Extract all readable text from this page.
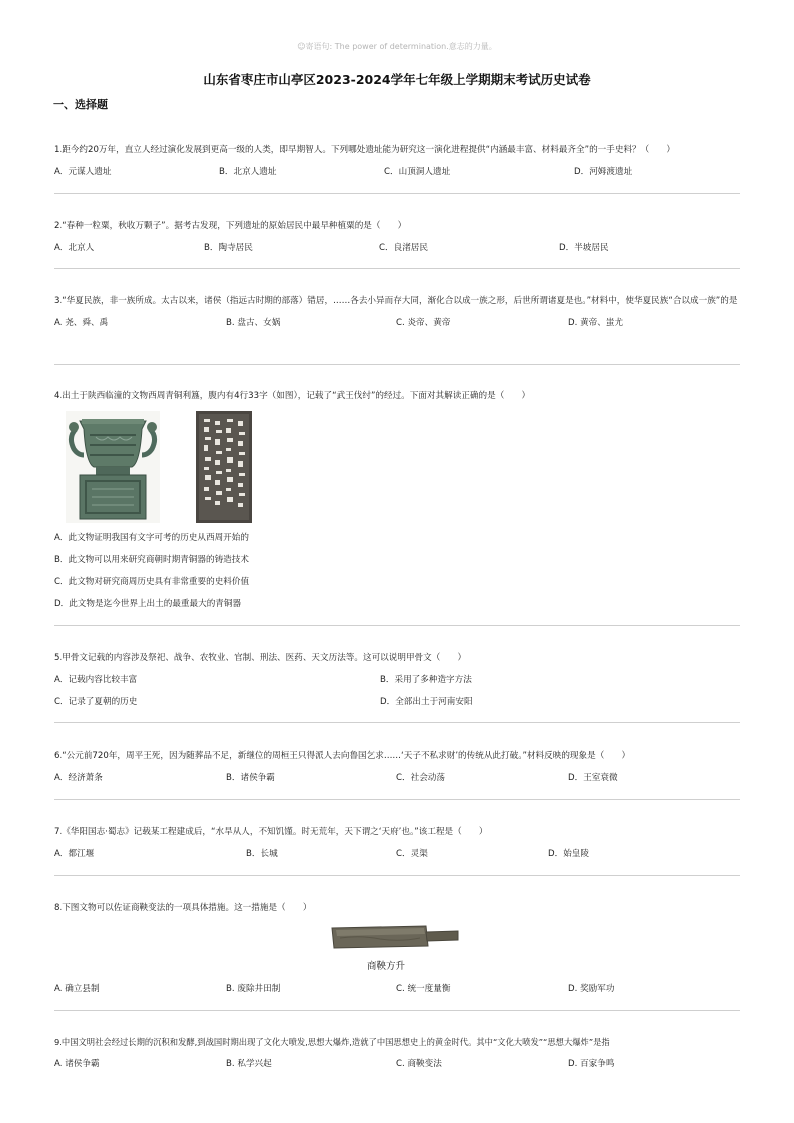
☺寄语句: The power of determination.意志的力量。
山东省枣庄市山亭区2023-2024学年七年级上学期期末考试历史试卷
一、选择题
1.距今约20万年，直立人经过演化发展到更高一级的人类，即早期智人。下列哪处遗址能为研究这一演化进程提供“内涵最丰富、材料最齐全”的一手史料？（　　）
A．元谋人遗址	B．北京人遗址	C．山顶洞人遗址	D．河姆渡遗址
2.“春种一粒粟，秋收万颗子”。据考古发现，下列遗址的原始居民中最早种植粟的是（　　）
A．北京人	B．陶寺居民	C．良渚居民	D．半坡居民
3.“华夏民族，非一族所成。太古以来，诸侯（指远古时期的部落）错居，……各去小异而存大同，渐化合以成一族之形，后世所谓诸夏是也。”材料中，使华夏民族“合以成一族”的是
A. 尧、舜、禹	B. 盘古、女娲	C. 炎帝、黄帝	D. 黄帝、蚩尤
4.出土于陕西临潼的文物西周青铜利簋，腹内有4行33字（如图），记载了“武王伐纣”的经过。下面对其解读正确的是（　　）
A．此文物证明我国有文字可考的历史从西周开始的
B．此文物可以用来研究商朝时期青铜器的铸造技术
C．此文物对研究商周历史具有非常重要的史料价值
D．此文物是迄今世界上出土的最重最大的青铜器
5.甲骨文记载的内容涉及祭祀、战争、农牧业、官制、刑法、医药、天文历法等。这可以说明甲骨文（　　）
A．记载内容比较丰富	B．采用了多种造字方法
C．记录了夏朝的历史	D．全部出土于河南安阳
6.“公元前720年，周平王死，因为随葬品不足，新继位的周桓王只得派人去向鲁国乞求……‘天子不私求财’的传统从此打破。”材料反映的现象是（　　）
A．经济萧条	B．诸侯争霸	C．社会动荡	D．王室衰微
7.《华阳国志·蜀志》记载某工程建成后，“水旱从人，不知饥馑。时无荒年，天下谓之‘天府’也。”该工程是（　　）
A．都江堰	B．长城	C．灵渠	D．始皇陵
8.下图文物可以佐证商鞅变法的一项具体措施。这一措施是（　　）
商鞅方升
A. 确立县制	B. 废除井田制	C. 统一度量衡	D. 奖励军功
9.中国文明社会经过长期的沉积和发酵,到战国时期出现了文化大喷发,思想大爆炸,造就了中国思想史上的黄金时代。其中“文化大喷发”“思想大爆炸”是指
A. 诸侯争霸	B. 私学兴起	C. 商鞅变法	D. 百家争鸣
